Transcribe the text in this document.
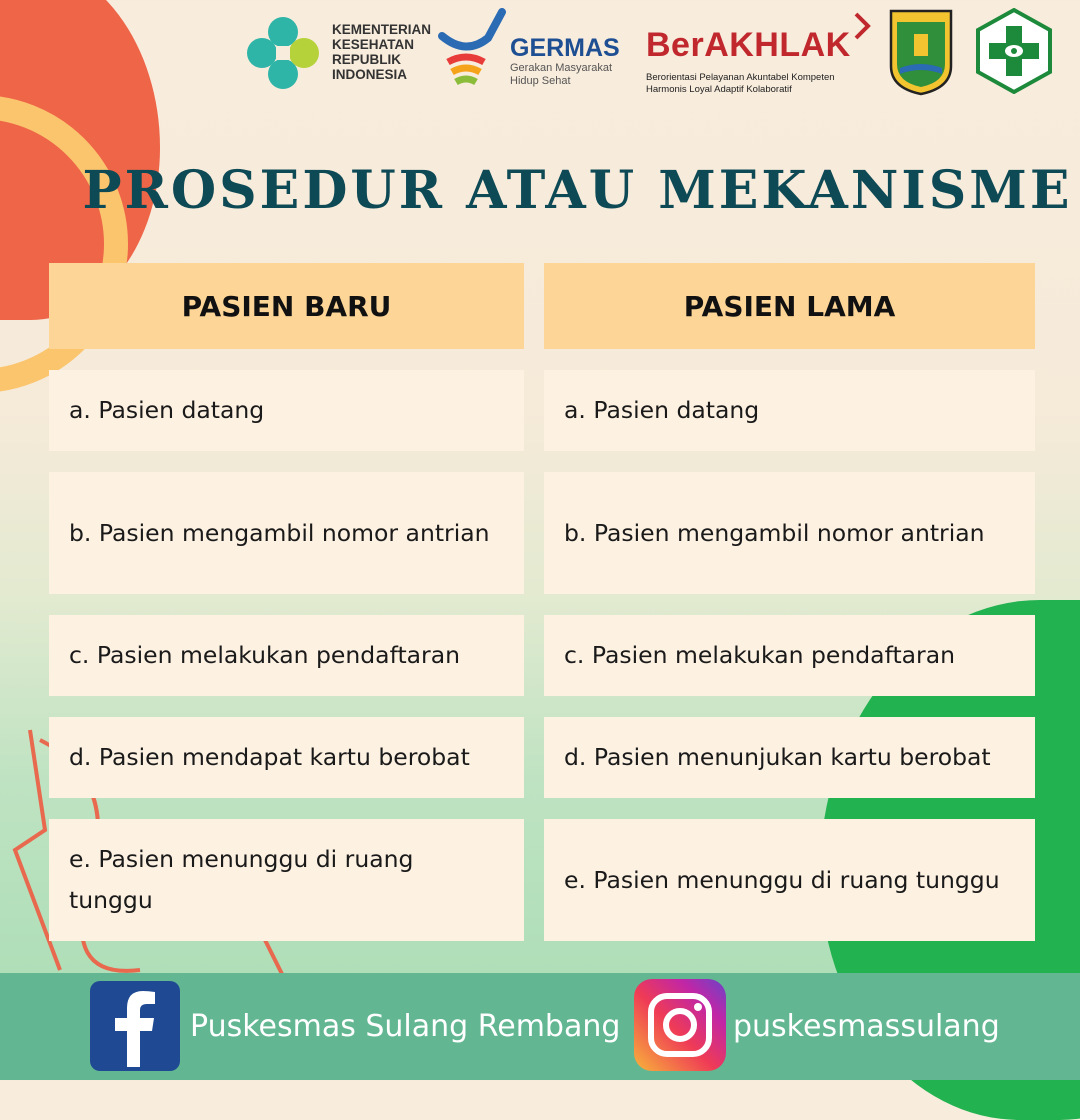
KEMENTERIAN
KESEHATAN
REPUBLIK
INDONESIA
GERMAS
Gerakan Masyarakat
Hidup Sehat
BerAKHLAK
Berorientasi Pelayanan Akuntabel Kompeten
Harmonis Loyal Adaptif Kolaboratif
PROSEDUR ATAU MEKANISME
PASIEN BARU	PASIEN LAMA
a. Pasien datang
b. Pasien mengambil nomor antrian
c. Pasien melakukan pendaftaran
d. Pasien mendapat kartu berobat
e. Pasien menunggu di ruang tunggu
a. Pasien datang
b. Pasien mengambil nomor antrian
c. Pasien melakukan pendaftaran
d. Pasien menunjukan kartu berobat
e. Pasien menunggu di ruang tunggu
Puskesmas Sulang Rembang	puskesmassulang
